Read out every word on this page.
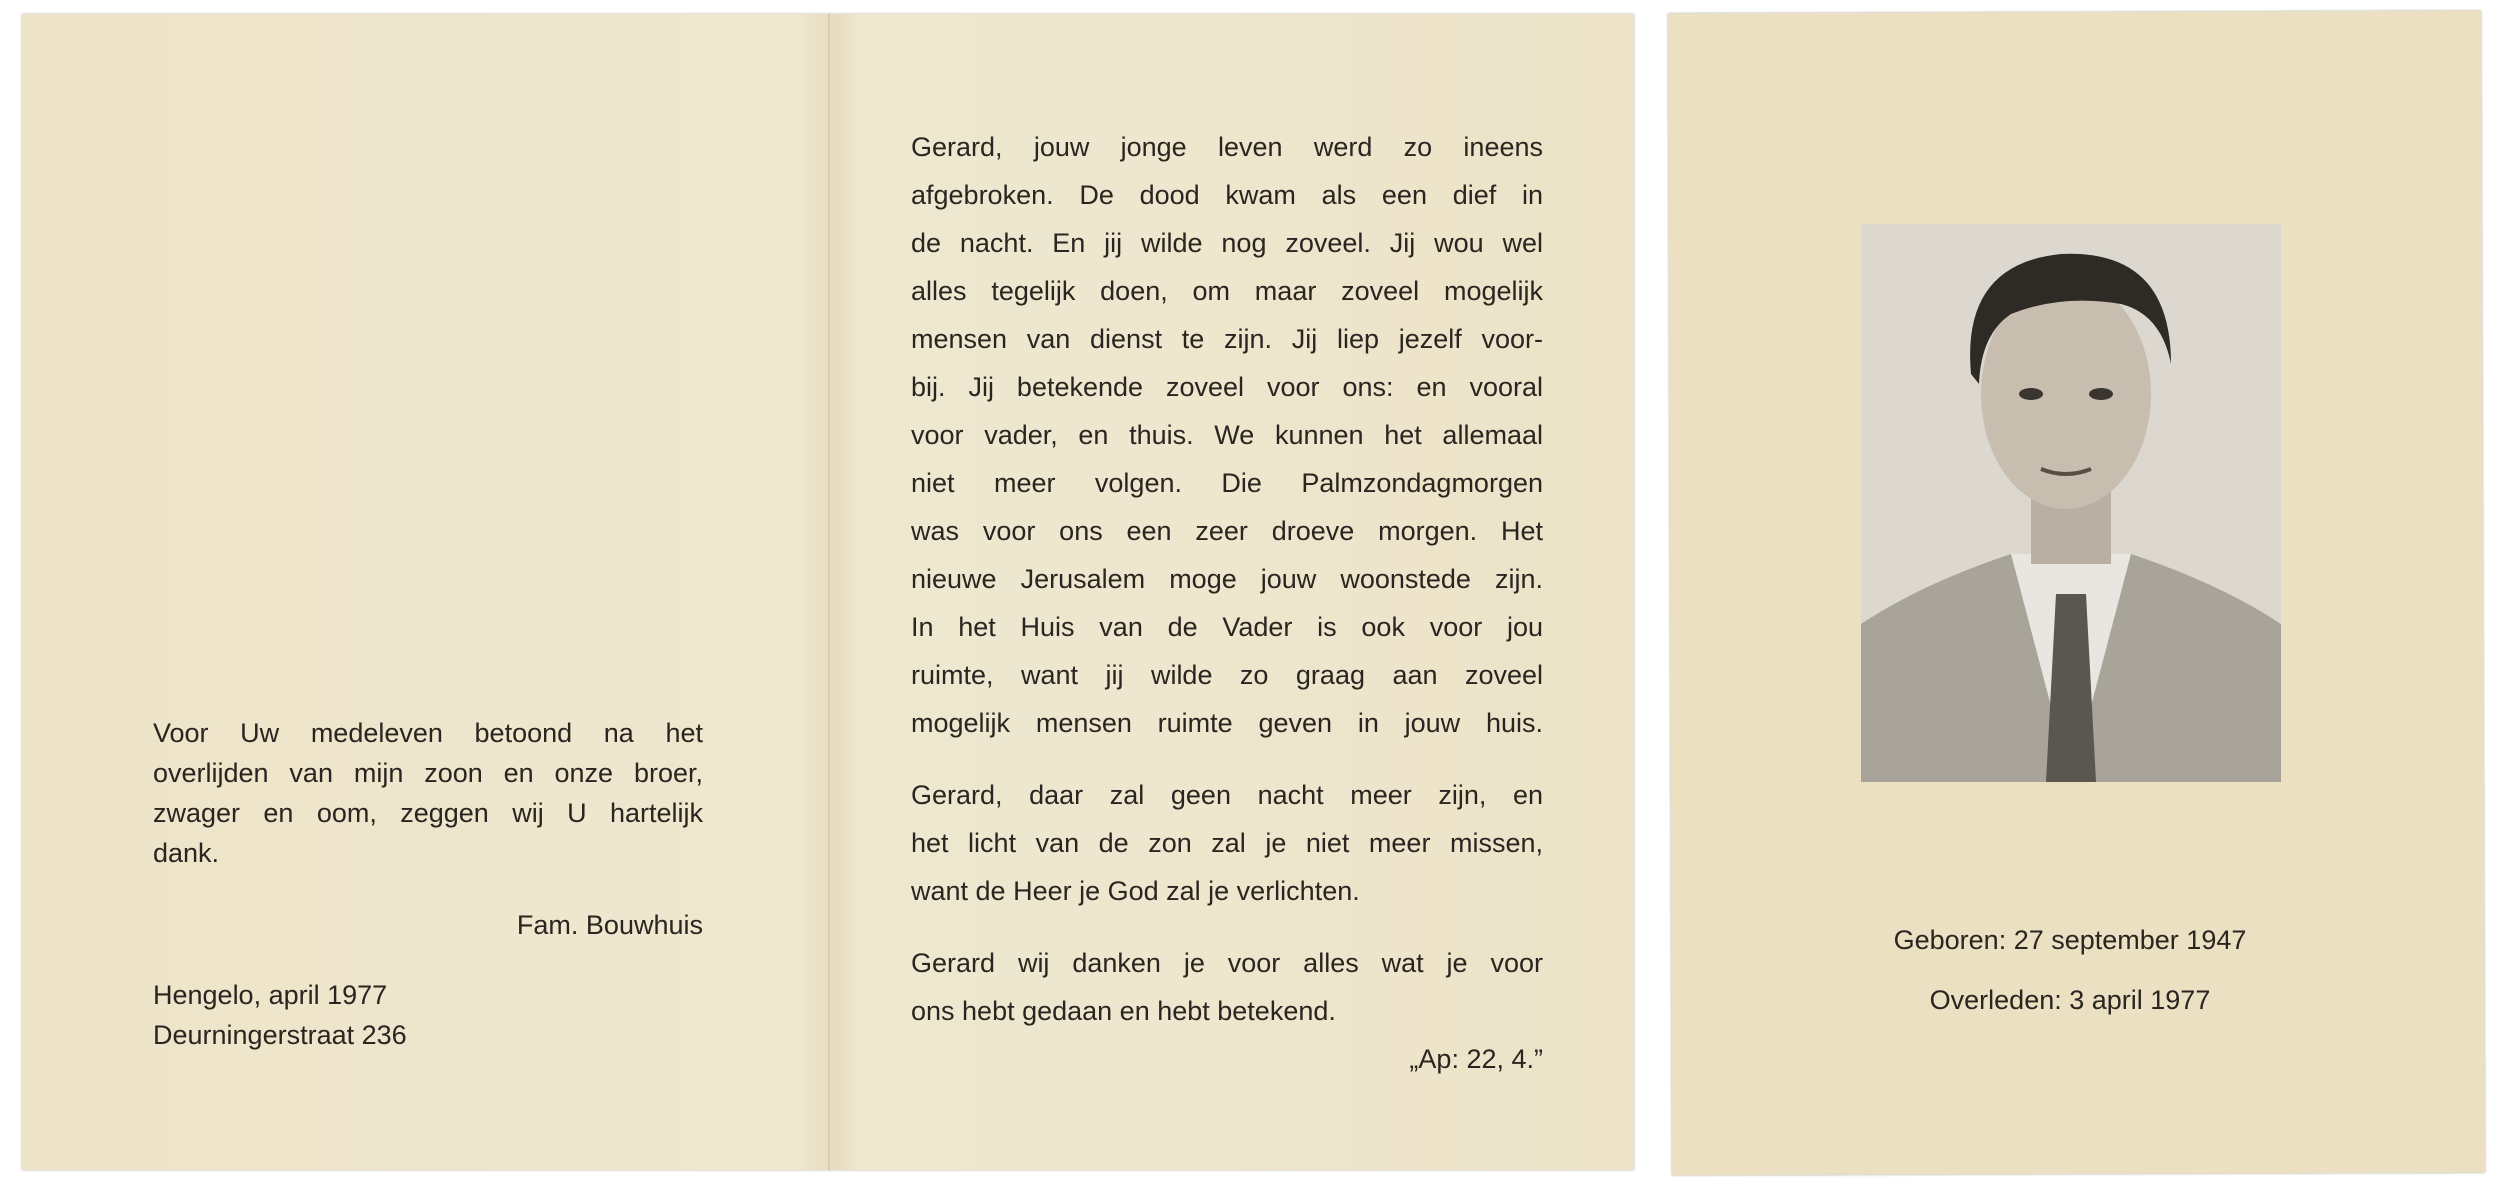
Voor Uw medeleven betoond na het
overlijden van mijn zoon en onze broer,
zwager en oom, zeggen wij U hartelijk
dank.
Fam. Bouwhuis
Hengelo, april 1977
Deurningerstraat 236
Gerard, jouw jonge leven werd zo ineens
afgebroken. De dood kwam als een dief in
de nacht. En jij wilde nog zoveel. Jij wou wel
alles tegelijk doen, om maar zoveel mogelijk
mensen van dienst te zijn. Jij liep jezelf voor-
bij. Jij betekende zoveel voor ons: en vooral
voor vader, en thuis. We kunnen het allemaal
niet meer volgen. Die Palmzondagmorgen
was voor ons een zeer droeve morgen. Het
nieuwe Jerusalem moge jouw woonstede zijn.
In het Huis van de Vader is ook voor jou
ruimte, want jij wilde zo graag aan zoveel
mogelijk mensen ruimte geven in jouw huis.
Gerard, daar zal geen nacht meer zijn, en
het licht van de zon zal je niet meer missen,
want de Heer je God zal je verlichten.
Gerard wij danken je voor alles wat je voor
ons hebt gedaan en hebt betekend.
„Ap: 22, 4.”
Geboren: 27 september 1947
Overleden: 3 april 1977
